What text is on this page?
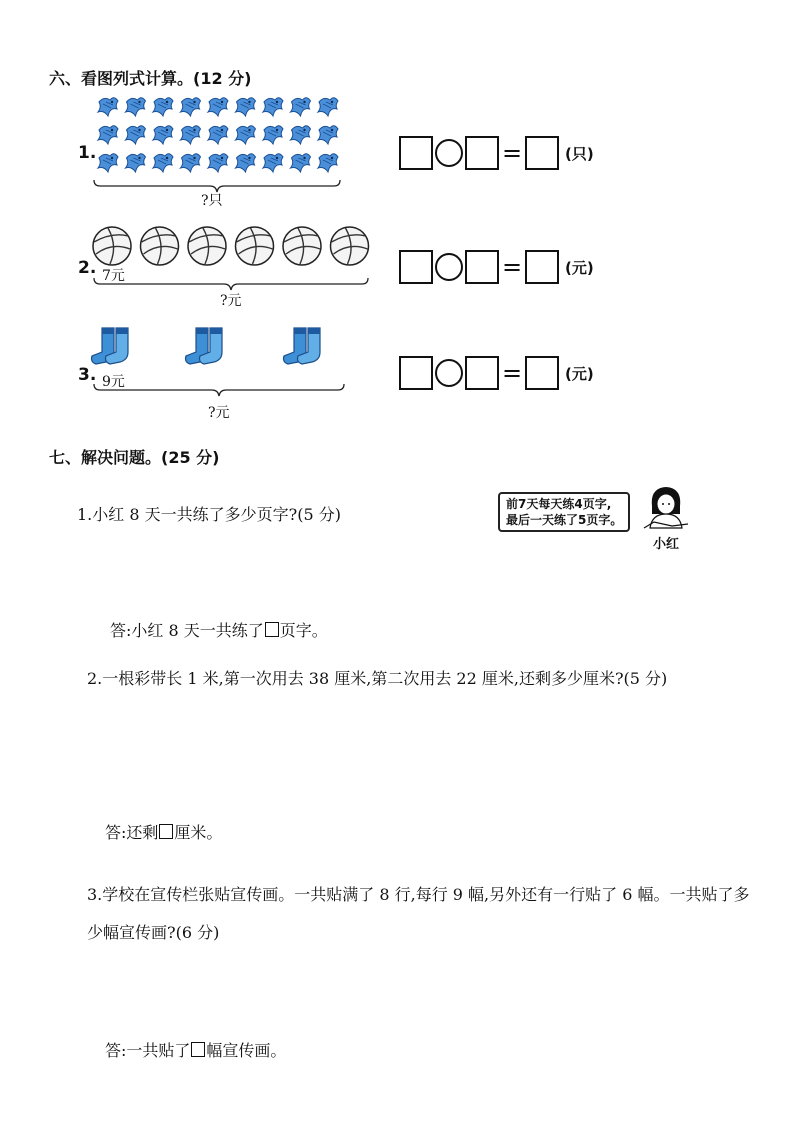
六、看图列式计算。(12 分)
1.
?只
=	(只)
2. 7元
?元
=	(元)
3. 9元
?元
=	(元)
七、解决问题。(25 分)
1.小红 8 天一共练了多少页字?(5 分)
前7天每天练4页字,
最后一天练了5页字。
小红
答:小红 8 天一共练了 页字。
2.一根彩带长 1 米,第一次用去 38 厘米,第二次用去 22 厘米,还剩多少厘米?(5 分)
答:还剩 厘米。
3.学校在宣传栏张贴宣传画。一共贴满了 8 行,每行 9 幅,另外还有一行贴了 6 幅。一共贴了多少幅宣传画?(6 分)
答:一共贴了 幅宣传画。
